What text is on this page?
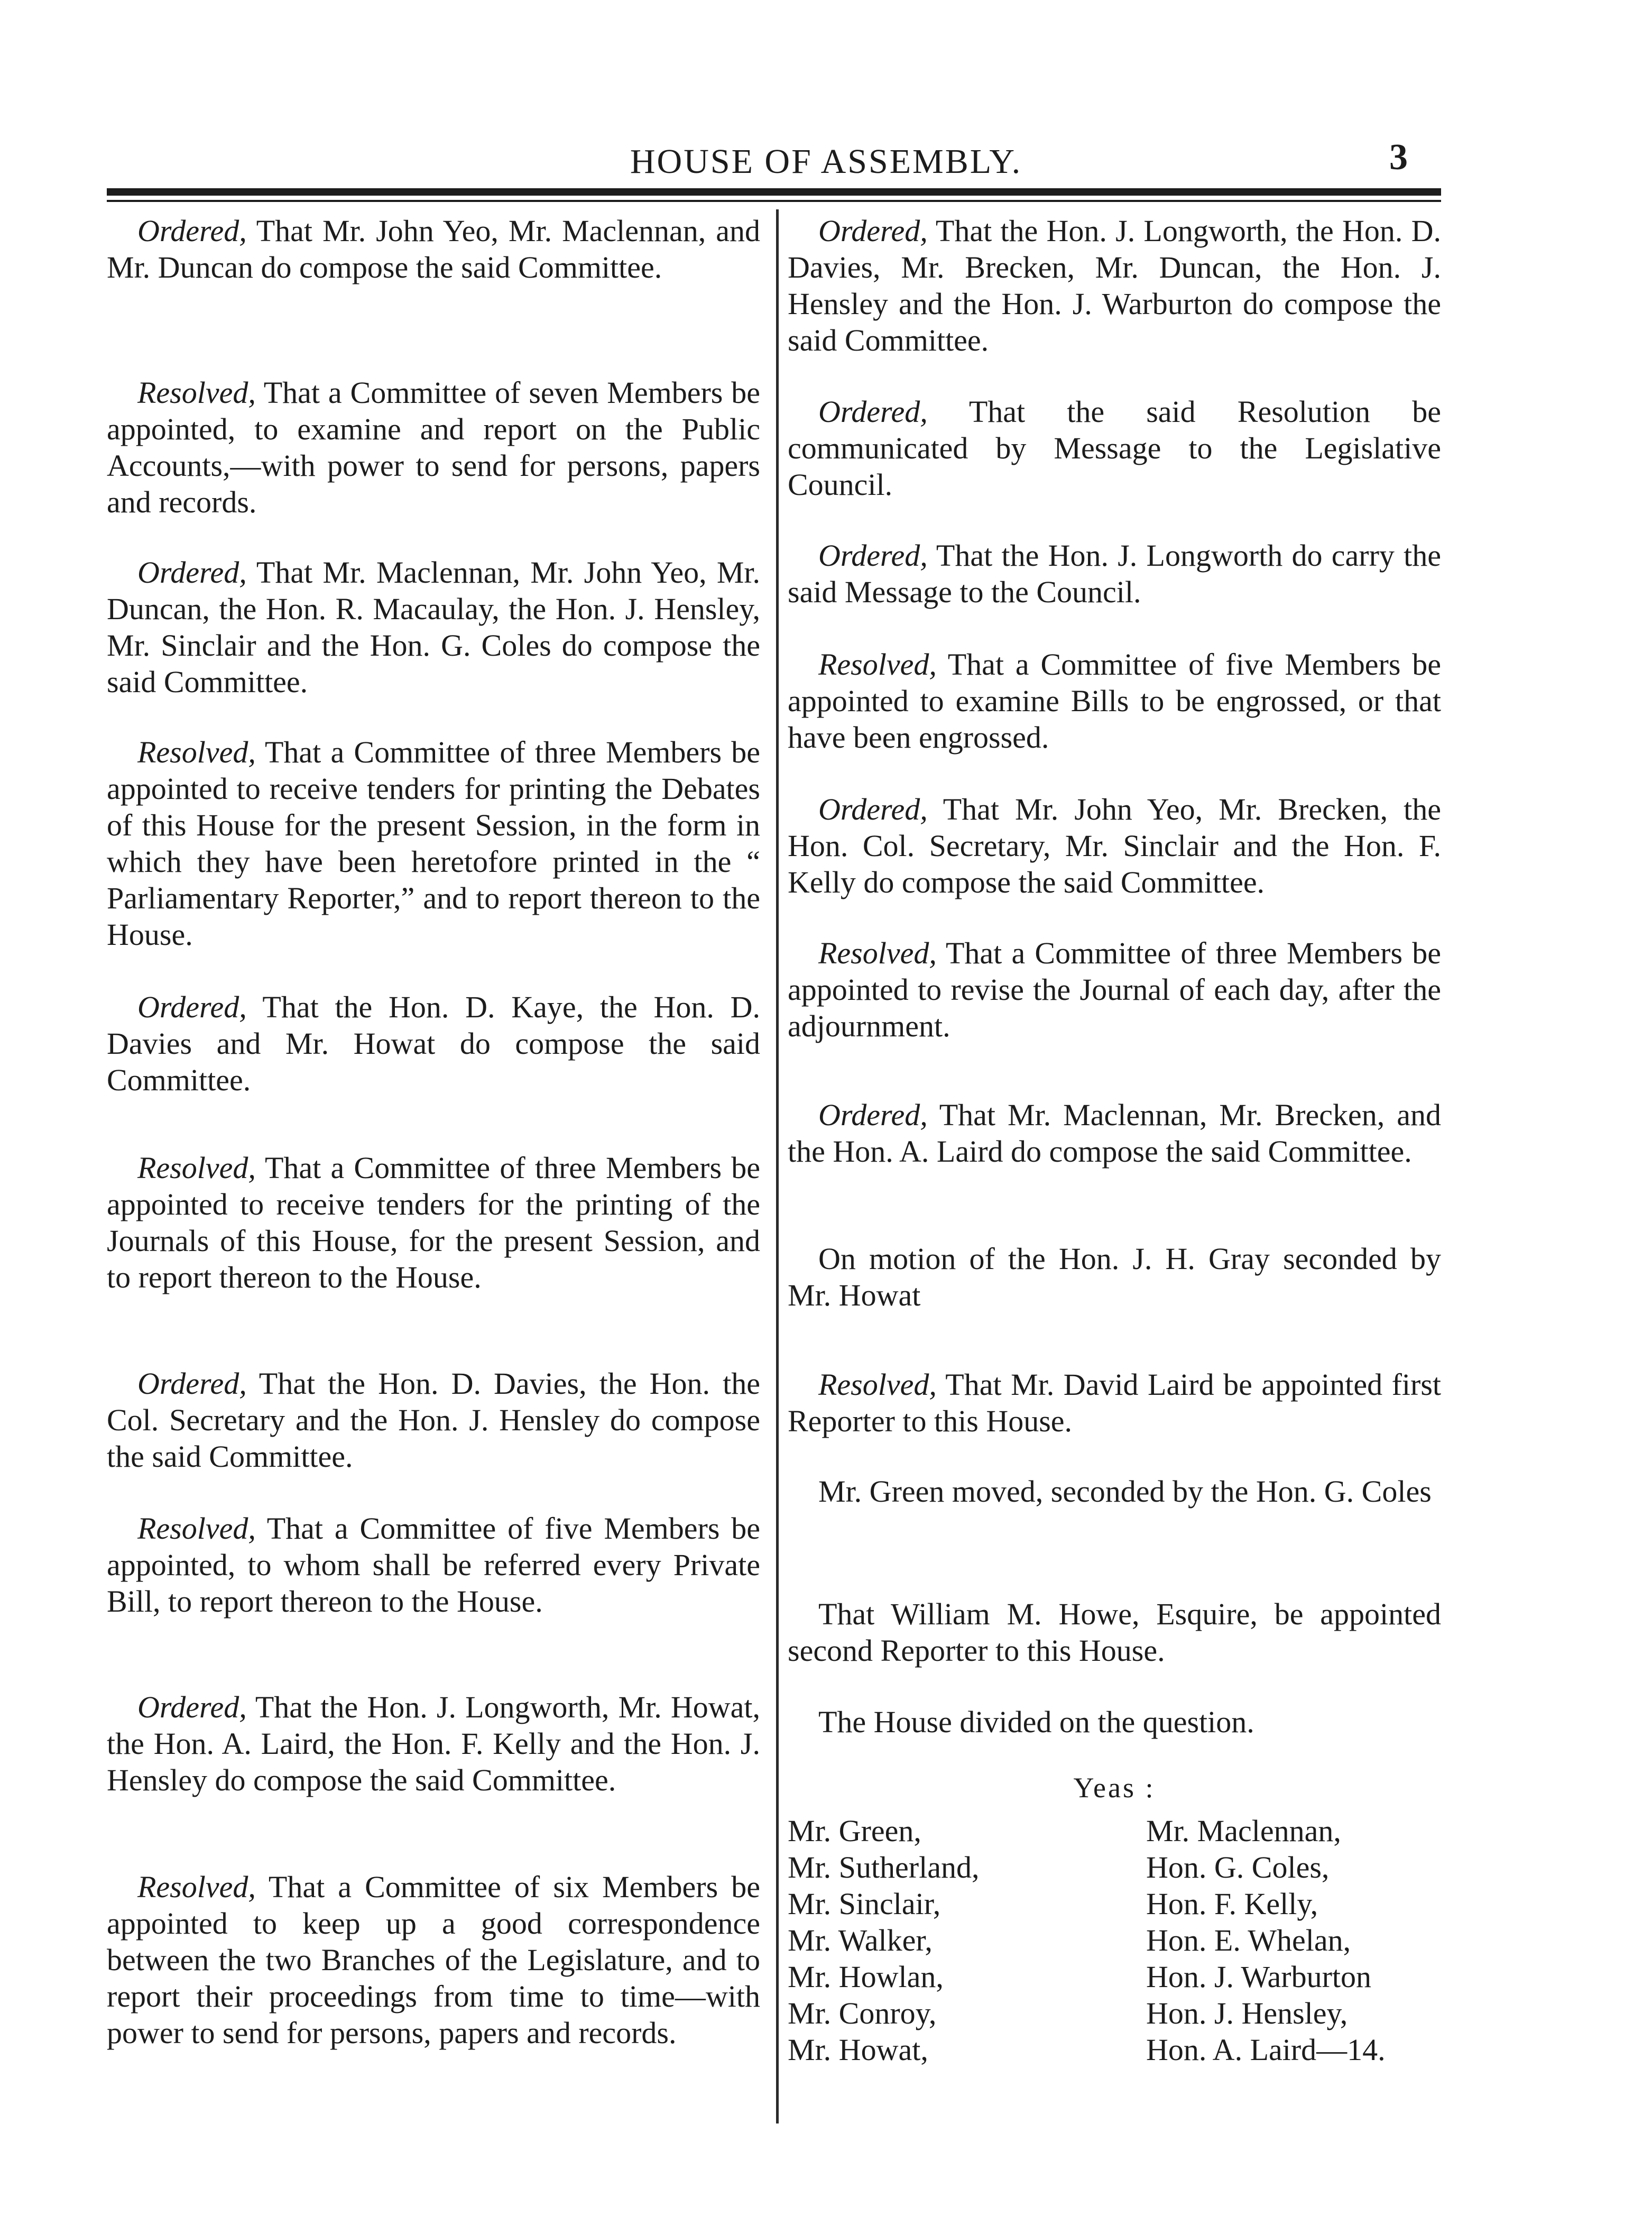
HOUSE OF ASSEMBLY.	3

Ordered, That Mr. John Yeo, Mr. Maclennan, and Mr. Duncan do compose the said Committee.

Resolved, That a Committee of seven Members be appointed, to examine and report on the Public Accounts,—with power to send for persons, papers and records.

Ordered, That Mr. Maclennan, Mr. John Yeo, Mr. Duncan, the Hon. R. Macaulay, the Hon. J. Hensley, Mr. Sinclair and the Hon. G. Coles do compose the said Committee.

Resolved, That a Committee of three Members be appointed to receive tenders for printing the Debates of this House for the present Session, in the form in which they have been heretofore printed in the “ Parliamentary Reporter,” and to report thereon to the House.

Ordered, That the Hon. D. Kaye, the Hon. D. Davies and Mr. Howat do compose the said Committee.

Resolved, That a Committee of three Members be appointed to receive tenders for the printing of the Journals of this House, for the present Session, and to report thereon to the House.

Ordered, That the Hon. D. Davies, the Hon. the Col. Secretary and the Hon. J. Hensley do compose the said Committee.

Resolved, That a Committee of five Members be appointed, to whom shall be referred every Private Bill, to report thereon to the House.

Ordered, That the Hon. J. Longworth, Mr. Howat, the Hon. A. Laird, the Hon. F. Kelly and the Hon. J. Hensley do compose the said Committee.

Resolved, That a Committee of six Members be appointed to keep up a good correspondence between the two Branches of the Legislature, and to report their proceedings from time to time—with power to send for persons, papers and records.

Ordered, That the Hon. J. Longworth, the Hon. D. Davies, Mr. Brecken, Mr. Duncan, the Hon. J. Hensley and the Hon. J. Warburton do compose the said Committee.

Ordered, That the said Resolution be communicated by Message to the Legislative Council.

Ordered, That the Hon. J. Longworth do carry the said Message to the Council.

Resolved, That a Committee of five Members be appointed to examine Bills to be engrossed, or that have been engrossed.

Ordered, That Mr. John Yeo, Mr. Brecken, the Hon. Col. Secretary, Mr. Sinclair and the Hon. F. Kelly do compose the said Committee.

Resolved, That a Committee of three Members be appointed to revise the Journal of each day, after the adjournment.

Ordered, That Mr. Maclennan, Mr. Brecken, and the Hon. A. Laird do compose the said Committee.

On motion of the Hon. J. H. Gray seconded by Mr. Howat

Resolved, That Mr. David Laird be appointed first Reporter to this House.

Mr. Green moved, seconded by the Hon. G. Coles

That William M. Howe, Esquire, be appointed second Reporter to this House.

The House divided on the question.

Yeas :
Mr. Green,
Mr. Sutherland,
Mr. Sinclair,
Mr. Walker,
Mr. Howlan,
Mr. Conroy,
Mr. Howat,
Mr. Maclennan,
Hon. G. Coles,
Hon. F. Kelly,
Hon. E. Whelan,
Hon. J. Warburton
Hon. J. Hensley,
Hon. A. Laird—14.
